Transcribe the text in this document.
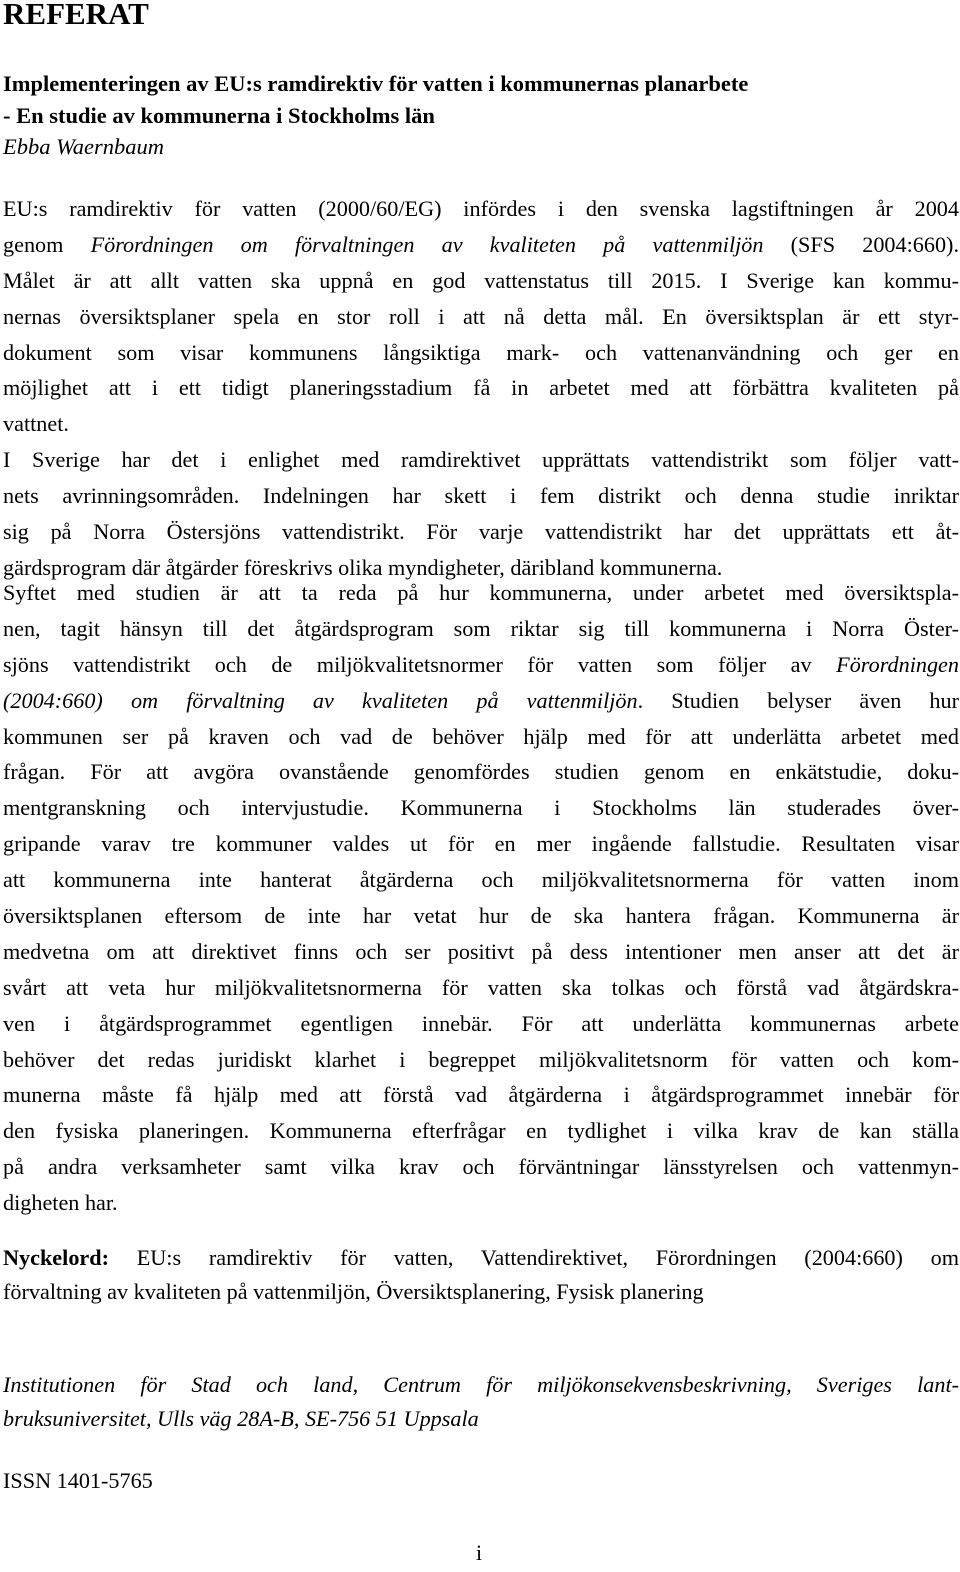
REFERAT
Implementeringen av EU:s ramdirektiv för vatten i kommunernas planarbete
- En studie av kommunerna i Stockholms län
Ebba Waernbaum
EU:s ramdirektiv för vatten (2000/60/EG) infördes i den svenska lagstiftningen år 2004
genom Förordningen om förvaltningen av kvaliteten på vattenmiljön (SFS 2004:660).
Målet är att allt vatten ska uppnå en god vattenstatus till 2015. I Sverige kan kommu-
nernas översiktsplaner spela en stor roll i att nå detta mål. En översiktsplan är ett styr-
dokument som visar kommunens långsiktiga mark- och vattenanvändning och ger en
möjlighet att i ett tidigt planeringsstadium få in arbetet med att förbättra kvaliteten på
vattnet.
I Sverige har det i enlighet med ramdirektivet upprättats vattendistrikt som följer vatt-
nets avrinningsområden. Indelningen har skett i fem distrikt och denna studie inriktar
sig på Norra Östersjöns vattendistrikt. För varje vattendistrikt har det upprättats ett åt-
gärdsprogram där åtgärder föreskrivs olika myndigheter, däribland kommunerna.
Syftet med studien är att ta reda på hur kommunerna, under arbetet med översiktspla-
nen, tagit hänsyn till det åtgärdsprogram som riktar sig till kommunerna i Norra Öster-
sjöns vattendistrikt och de miljökvalitetsnormer för vatten som följer av Förordningen
(2004:660) om förvaltning av kvaliteten på vattenmiljön. Studien belyser även hur
kommunen ser på kraven och vad de behöver hjälp med för att underlätta arbetet med
frågan. För att avgöra ovanstående genomfördes studien genom en enkätstudie, doku-
mentgranskning och intervjustudie. Kommunerna i Stockholms län studerades över-
gripande varav tre kommuner valdes ut för en mer ingående fallstudie. Resultaten visar
att kommunerna inte hanterat åtgärderna och miljökvalitetsnormerna för vatten inom
översiktsplanen eftersom de inte har vetat hur de ska hantera frågan. Kommunerna är
medvetna om att direktivet finns och ser positivt på dess intentioner men anser att det är
svårt att veta hur miljökvalitetsnormerna för vatten ska tolkas och förstå vad åtgärdskra-
ven i åtgärdsprogrammet egentligen innebär. För att underlätta kommunernas arbete
behöver det redas juridiskt klarhet i begreppet miljökvalitetsnorm för vatten och kom-
munerna måste få hjälp med att förstå vad åtgärderna i åtgärdsprogrammet innebär för
den fysiska planeringen. Kommunerna efterfrågar en tydlighet i vilka krav de kan ställa
på andra verksamheter samt vilka krav och förväntningar länsstyrelsen och vattenmyn-
digheten har.
Nyckelord: EU:s ramdirektiv för vatten, Vattendirektivet, Förordningen (2004:660) om
förvaltning av kvaliteten på vattenmiljön, Översiktsplanering, Fysisk planering
Institutionen för Stad och land, Centrum för miljökonsekvensbeskrivning, Sveriges lant-
bruksuniversitet, Ulls väg 28A-B, SE-756 51 Uppsala
ISSN 1401-5765
i
